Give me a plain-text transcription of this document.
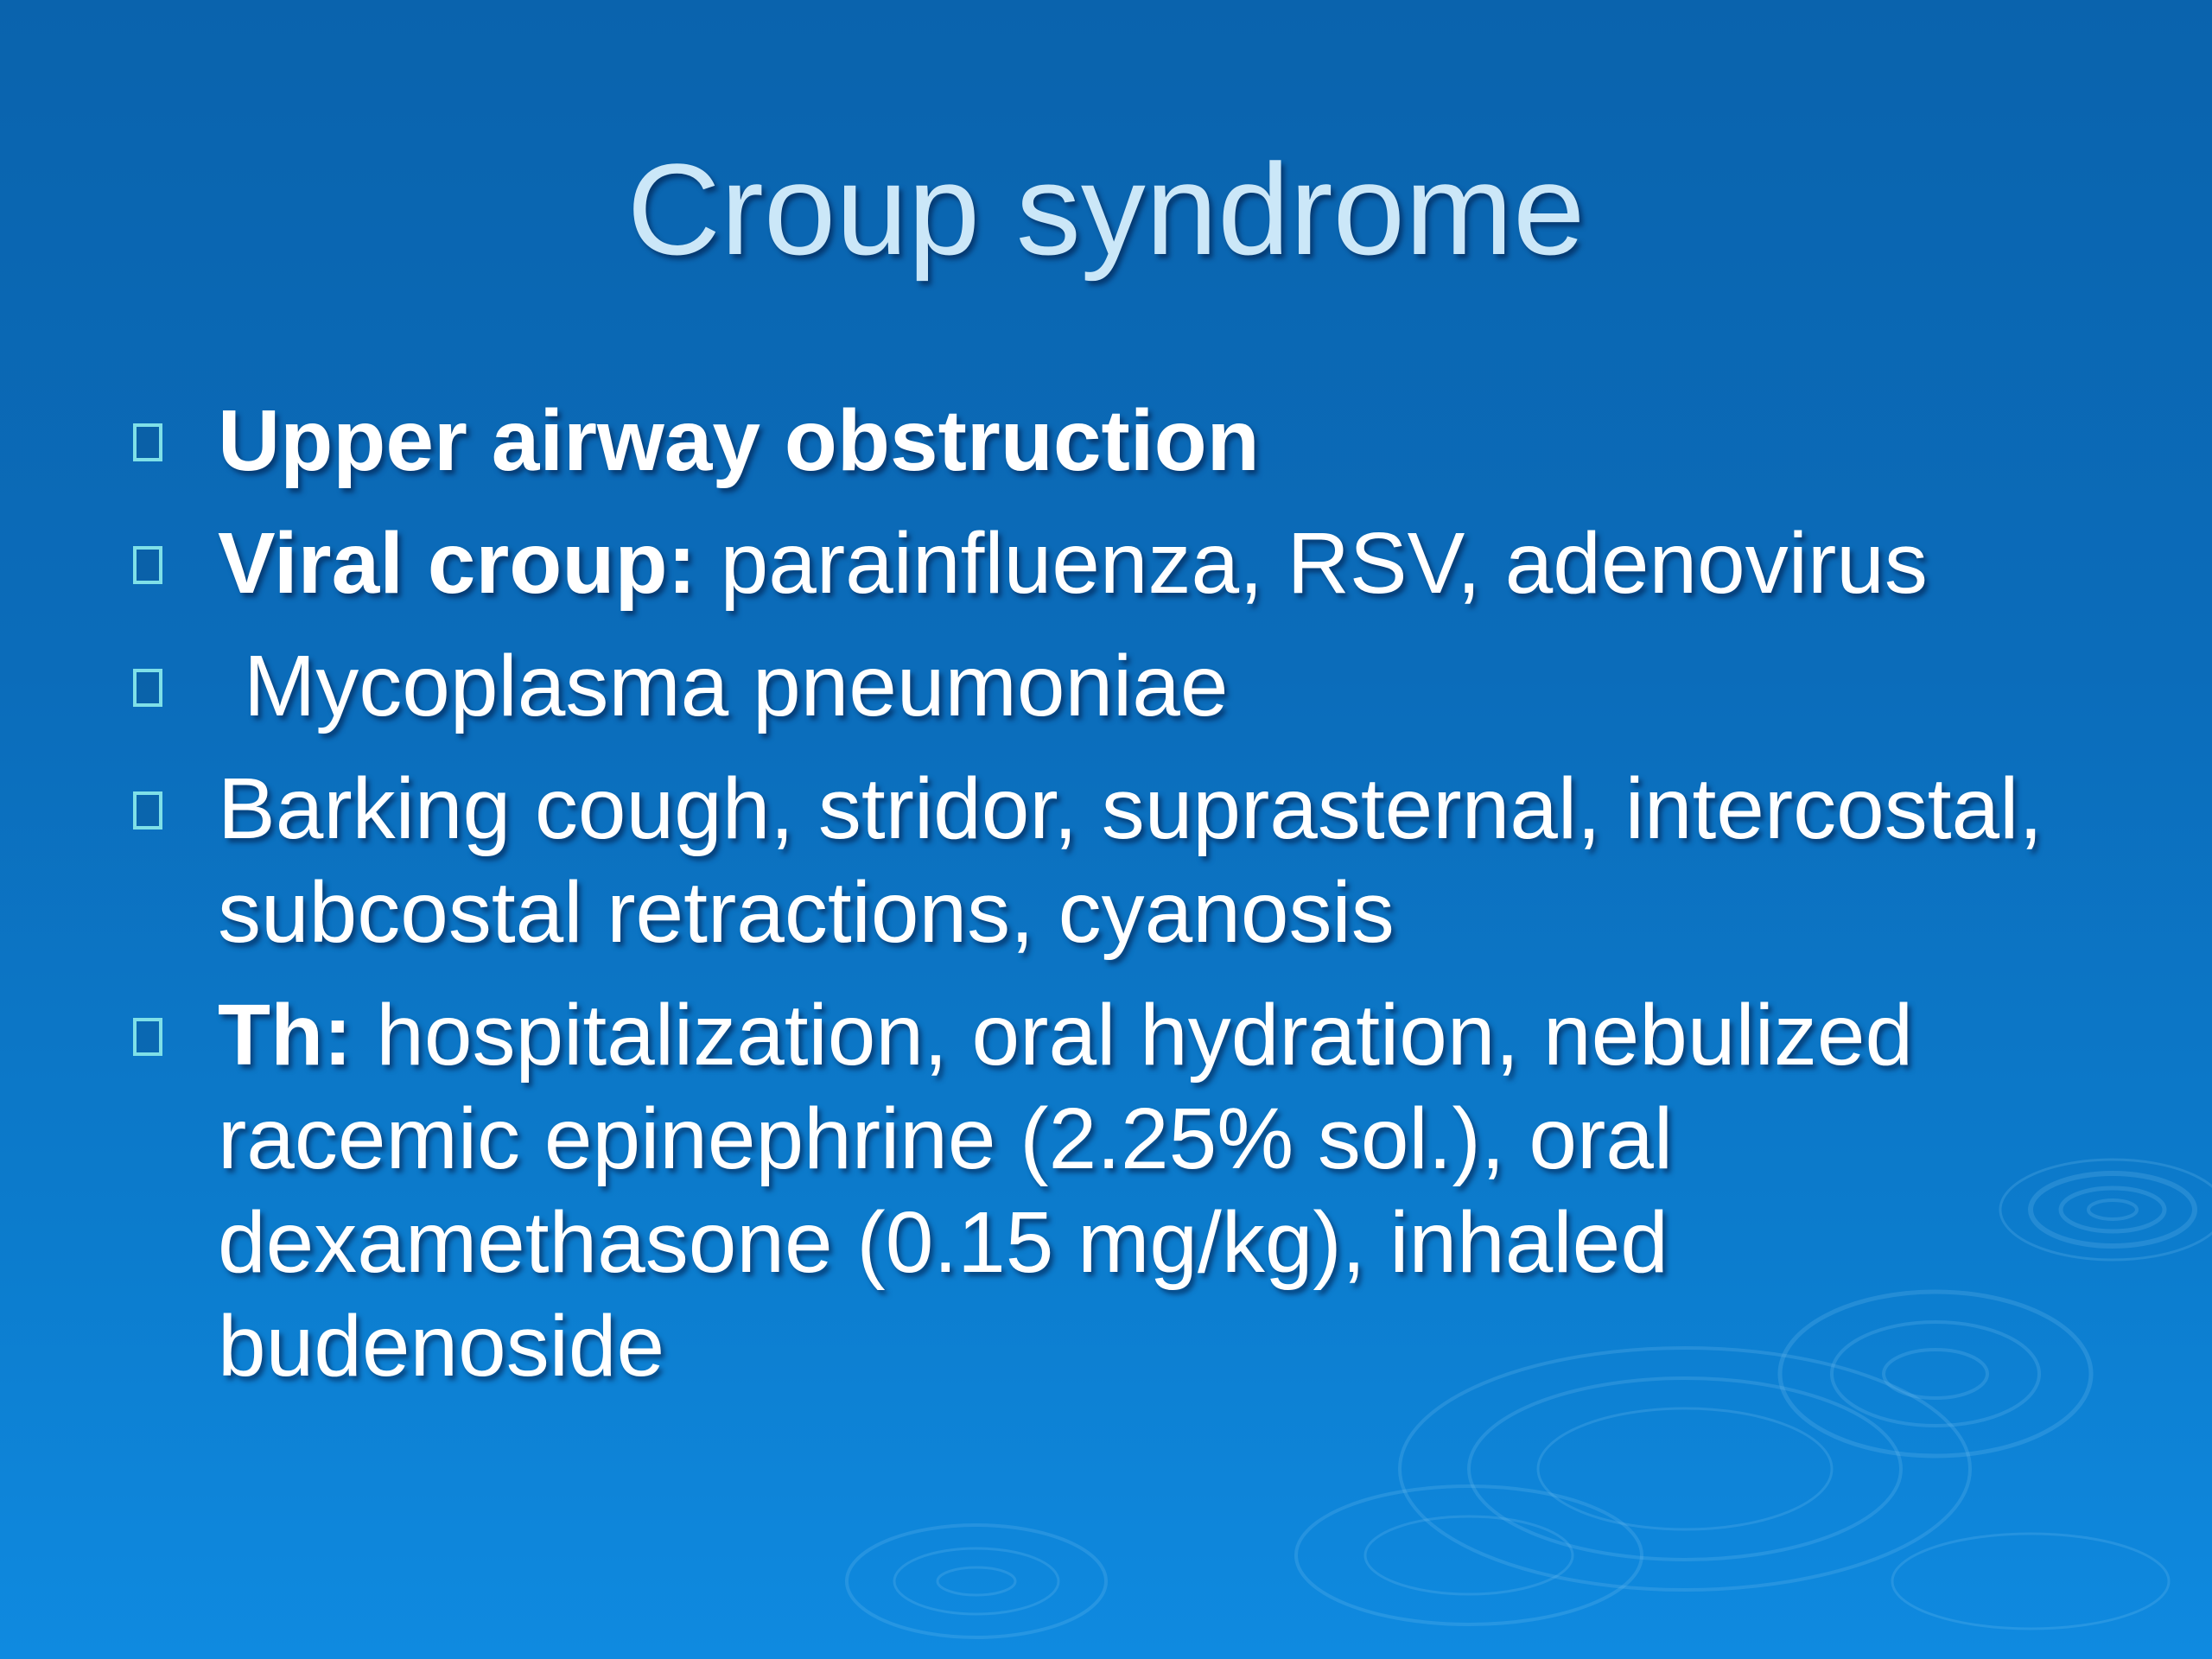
Croup syndrome
Upper airway obstruction
Viral croup: parainfluenza, RSV, adenovirus
Mycoplasma pneumoniae
Barking cough, stridor, suprasternal, intercostal, subcostal retractions, cyanosis
Th: hospitalization, oral hydration, nebulized racemic epinephrine (2.25% sol.), oral dexamethasone (0.15 mg/kg), inhaled budenoside
